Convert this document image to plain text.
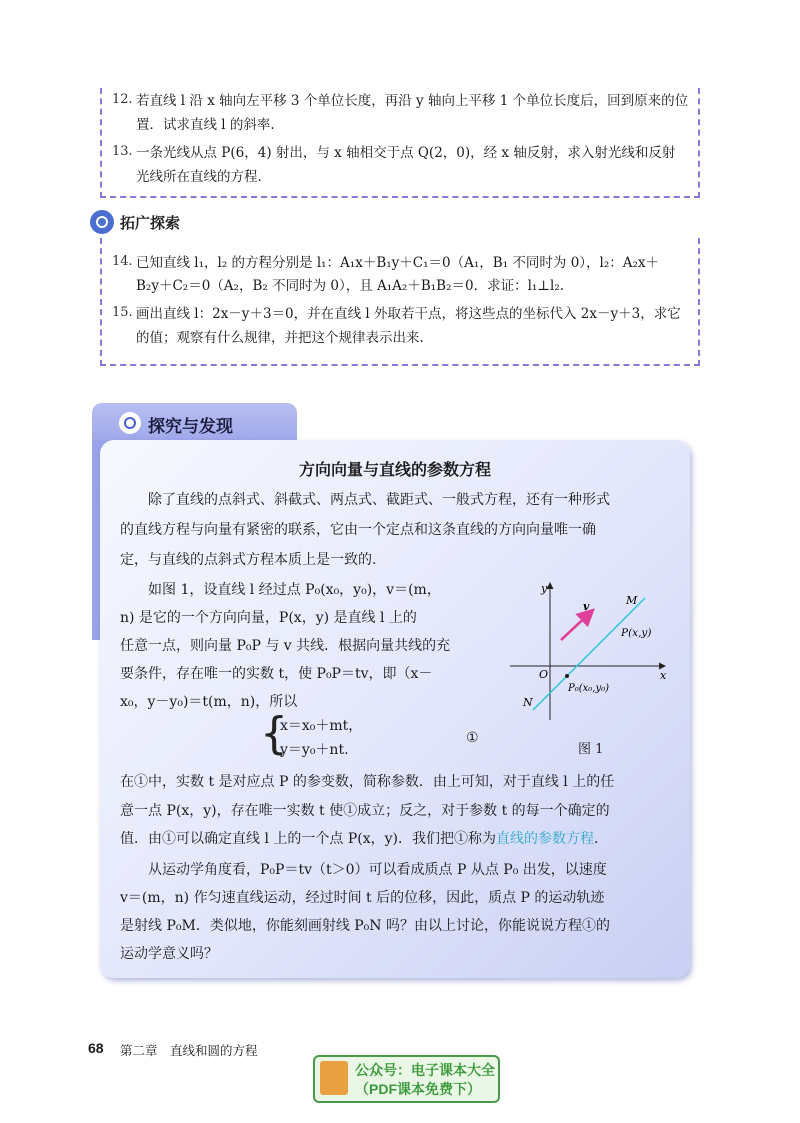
12. 若直线 l 沿 x 轴向左平移 3 个单位长度，再沿 y 轴向上平移 1 个单位长度后，回到原来的位
置．试求直线 l 的斜率.
13. 一条光线从点 P(6，4) 射出，与 x 轴相交于点 Q(2，0)，经 x 轴反射，求入射光线和反射
光线所在直线的方程.
拓广探索
14. 已知直线 l₁，l₂ 的方程分别是 l₁：A₁x＋B₁y＋C₁＝0（A₁，B₁ 不同时为 0），l₂：A₂x＋
B₂y＋C₂＝0（A₂，B₂ 不同时为 0），且 A₁A₂＋B₁B₂＝0．求证：l₁⊥l₂.
15. 画出直线 l：2x－y＋3＝0，并在直线 l 外取若干点，将这些点的坐标代入 2x－y＋3，求它
的值；观察有什么规律，并把这个规律表示出来.
探究与发现
方向向量与直线的参数方程
除了直线的点斜式、斜截式、两点式、截距式、一般式方程，还有一种形式
的直线方程与向量有紧密的联系，它由一个定点和这条直线的方向向量唯一确
定，与直线的点斜式方程本质上是一致的.
如图 1，设直线 l 经过点 P₀(x₀，y₀)，v＝(m，
n) 是它的一个方向向量，P(x，y) 是直线 l 上的
任意一点，则向量 P₀P 与 v 共线．根据向量共线的充
要条件，存在唯一的实数 t，使 P₀P＝tv，即（x－
x₀，y－y₀)＝t(m，n)，所以
{
x＝x₀＋mt，
y＝y₀＋nt.
①
y
x
O
v	M
N
P(x,y)
P₀(x₀,y₀)
图 1
在①中，实数 t 是对应点 P 的参变数，简称参数．由上可知，对于直线 l 上的任
意一点 P(x，y)，存在唯一实数 t 使①成立；反之，对于参数 t 的每一个确定的
值．由①可以确定直线 l 上的一个点 P(x，y)．我们把①称为直线的参数方程.
从运动学角度看，P₀P＝tv（t＞0）可以看成质点 P 从点 P₀ 出发，以速度
v＝(m，n) 作匀速直线运动，经过时间 t 后的位移，因此，质点 P 的运动轨迹
是射线 P₀M．类似地，你能刻画射线 P₀N 吗？由以上讨论，你能说说方程①的
运动学意义吗？
68 第二章　直线和圆的方程
公众号：电子课本大全
（PDF课本免费下）
